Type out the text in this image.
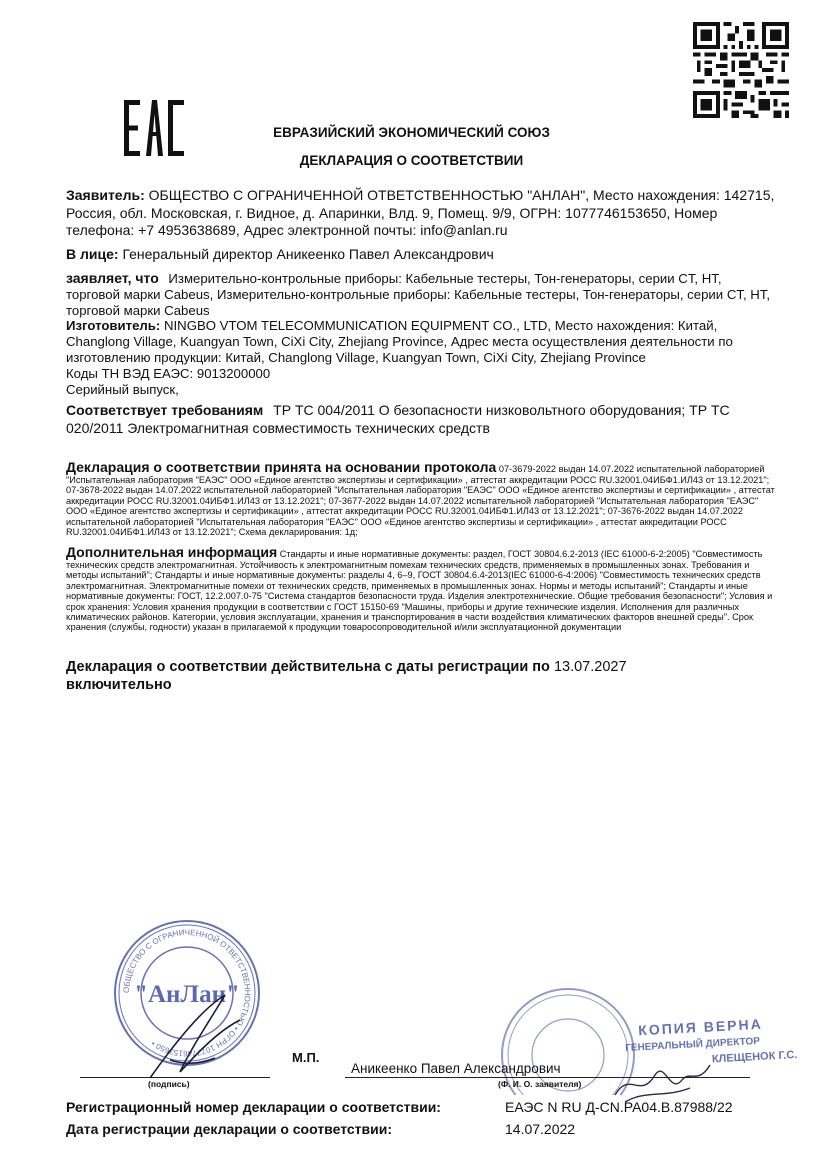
ЕВРАЗИЙСКИЙ ЭКОНОМИЧЕСКИЙ СОЮЗ
ДЕКЛАРАЦИЯ О СООТВЕТСТВИИ
Заявитель: ОБЩЕСТВО С ОГРАНИЧЕННОЙ ОТВЕТСТВЕННОСТЬЮ "АНЛАН", Место нахождения: 142715, Россия, обл. Московская, г. Видное, д. Апаринки, Влд. 9, Помещ. 9/9, ОГРН: 1077746153650, Номер телефона: +7 4953638689, Адрес электронной почты: info@anlan.ru
В лице: Генеральный директор Аникеенко Павел Александрович
заявляет, что Измерительно-контрольные приборы: Кабельные тестеры, Тон-генераторы, серии CT, HT, торговой марки Cabeus, Измерительно-контрольные приборы: Кабельные тестеры, Тон-генераторы, серии CT, HT, торговой марки Cabeus
Изготовитель: NINGBO VTOM TELECOMMUNICATION EQUIPMENT CO., LTD, Место нахождения: Китай, Changlong Village, Kuangyan Town, CiXi City, Zhejiang Province, Адрес места осуществления деятельности по изготовлению продукции: Китай, Changlong Village, Kuangyan Town, CiXi City, Zhejiang Province
Коды ТН ВЭД ЕАЭС: 9013200000
Серийный выпуск,
Соответствует требованиям ТР ТС 004/2011 О безопасности низковольтного оборудования; ТР ТС 020/2011 Электромагнитная совместимость технических средств
Декларация о соответствии принята на основании протокола 07-3679-2022 выдан 14.07.2022 испытательной лабораторией "Испытательная лаборатория "ЕАЭС" ООО «Единое агентство экспертизы и сертификации» , аттестат аккредитации РОСС RU.32001.04ИБФ1.ИЛ43 от 13.12.2021"; 07-3678-2022 выдан 14.07.2022 испытательной лабораторией "Испытательная лаборатория "ЕАЭС" ООО «Единое агентство экспертизы и сертификации» , аттестат аккредитации РОСС RU.32001.04ИБФ1.ИЛ43 от 13.12.2021"; 07-3677-2022 выдан 14.07.2022 испытательной лабораторией "Испытательная лаборатория "ЕАЭС" ООО «Единое агентство экспертизы и сертификации» , аттестат аккредитации РОСС RU.32001.04ИБФ1.ИЛ43 от 13.12.2021"; 07-3676-2022 выдан 14.07.2022 испытательной лабораторией "Испытательная лаборатория "ЕАЭС" ООО «Единое агентство экспертизы и сертификации» , аттестат аккредитации РОСС RU.32001.04ИБФ1.ИЛ43 от 13.12.2021"; Схема декларирования: 1д;
Дополнительная информация Стандарты и иные нормативные документы: раздел, ГОСТ 30804.6.2-2013 (IEC 61000-6-2:2005) "Совместимость технических средств электромагнитная. Устойчивость к электромагнитным помехам технических средств, применяемых в промышленных зонах. Требования и методы испытаний"; Стандарты и иные нормативные документы: разделы 4, 6–9, ГОСТ 30804.6.4-2013(IEC 61000-6-4:2006) "Совместимость технических средств электромагнитная. Электромагнитные помехи от технических средств, применяемых в промышленных зонах. Нормы и методы испытаний"; Стандарты и иные нормативные документы: ГОСТ, 12.2.007.0-75 "Система стандартов безопасности труда. Изделия электротехнические. Общие требования безопасности"; Условия и срок хранения: Условия хранения продукции в соответствии с ГОСТ 15150-69 "Машины, приборы и другие технические изделия. Исполнения для различных климатических районов. Категории, условия эксплуатации, хранения и транспортирования в части воздействия климатических факторов внешней среды". Срок хранения (службы, годности) указан в прилагаемой к продукции товаросопроводительной и/или эксплуатационной документации
Декларация о соответствии действительна с даты регистрации по 13.07.2027
включительно
ОБЩЕСТВО С ОГРАНИЧЕННОЙ ОТВЕТСТВЕННОСТЬЮ • ОГРН 1077746153650 •
"АнЛан"
КОПИЯ ВЕРНА
ГЕНЕРАЛЬНЫЙ ДИРЕКТОР
КЛЕЩЕНОК Г.С.
М.П.
(подпись)
Аникеенко Павел Александрович
(Ф. И. О. заявителя)
Регистрационный номер декларации о соответствии:	ЕАЭС N RU Д-CN.PA04.B.87988/22
Дата регистрации декларации о соответствии:	14.07.2022
